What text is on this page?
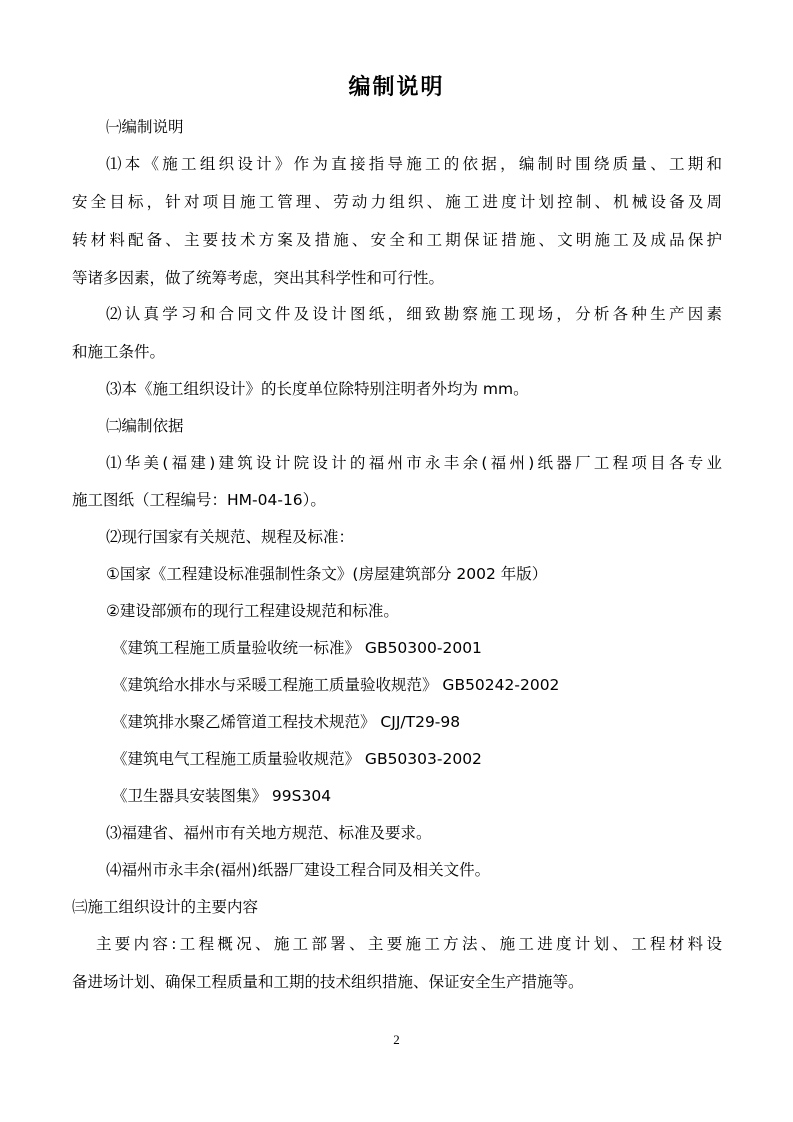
编制说明
㈠编制说明
⑴本《施工组织设计》作为直接指导施工的依据，编制时围绕质量、工期和
安全目标，针对项目施工管理、劳动力组织、施工进度计划控制、机械设备及周
转材料配备、主要技术方案及措施、安全和工期保证措施、文明施工及成品保护
等诸多因素，做了统筹考虑，突出其科学性和可行性。
⑵认真学习和合同文件及设计图纸，细致勘察施工现场，分析各种生产因素
和施工条件。
⑶本《施工组织设计》的长度单位除特别注明者外均为 mm。
㈡编制依据
⑴华美(福建)建筑设计院设计的福州市永丰余(福州)纸器厂工程项目各专业
施工图纸（工程编号：HM-04-16）。
⑵现行国家有关规范、规程及标准：
①国家《工程建设标准强制性条文》(房屋建筑部分 2002 年版）
②建设部颁布的现行工程建设规范和标准。
《建筑工程施工质量验收统一标准》 GB50300-2001
《建筑给水排水与采暖工程施工质量验收规范》 GB50242-2002
《建筑排水聚乙烯管道工程技术规范》 CJJ/T29-98
《建筑电气工程施工质量验收规范》 GB50303-2002
《卫生器具安装图集》 99S304
⑶福建省、福州市有关地方规范、标准及要求。
⑷福州市永丰余(福州)纸器厂建设工程合同及相关文件。
㈢施工组织设计的主要内容
主要内容:工程概况、施工部署、主要施工方法、施工进度计划、工程材料设
备进场计划、确保工程质量和工期的技术组织措施、保证安全生产措施等。
2
